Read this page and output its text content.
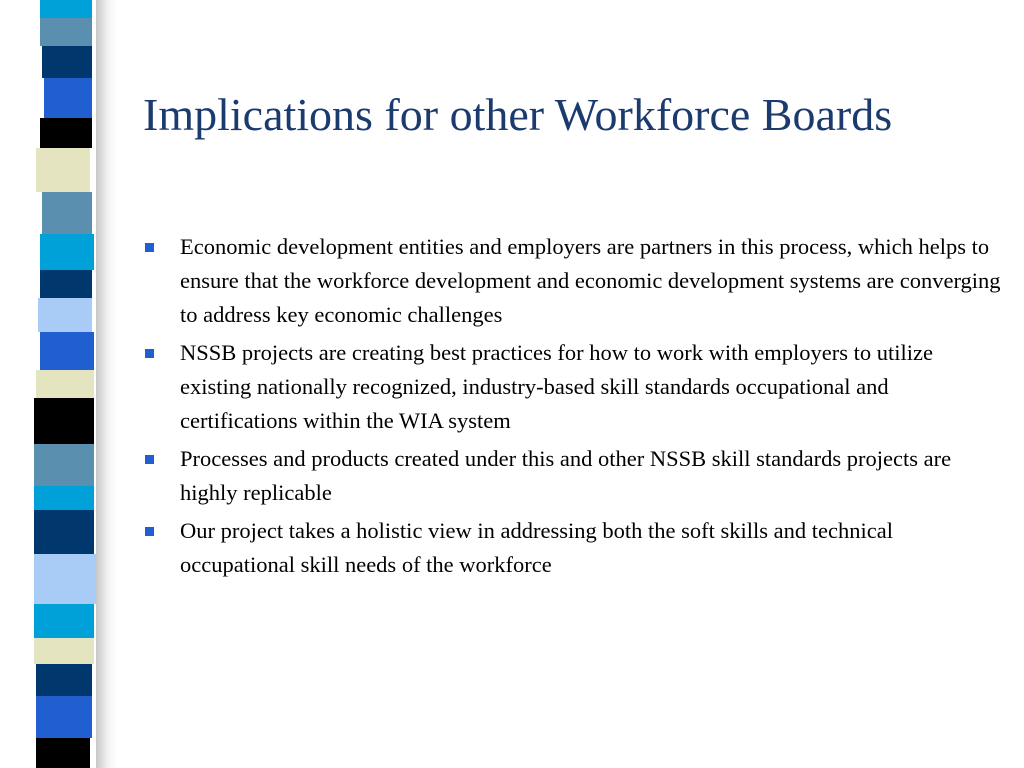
Implications for other Workforce Boards
Economic development entities and employers are partners in this process, which helps to ensure that the workforce development and economic development systems are converging to address key economic challenges
NSSB projects are creating best practices for how to work with employers to utilize existing nationally recognized, industry-based skill standards occupational and certifications within the WIA system
Processes and products created under this and other NSSB skill standards projects are highly replicable
Our project takes a holistic view in addressing both the soft skills and technical occupational skill needs of the workforce
